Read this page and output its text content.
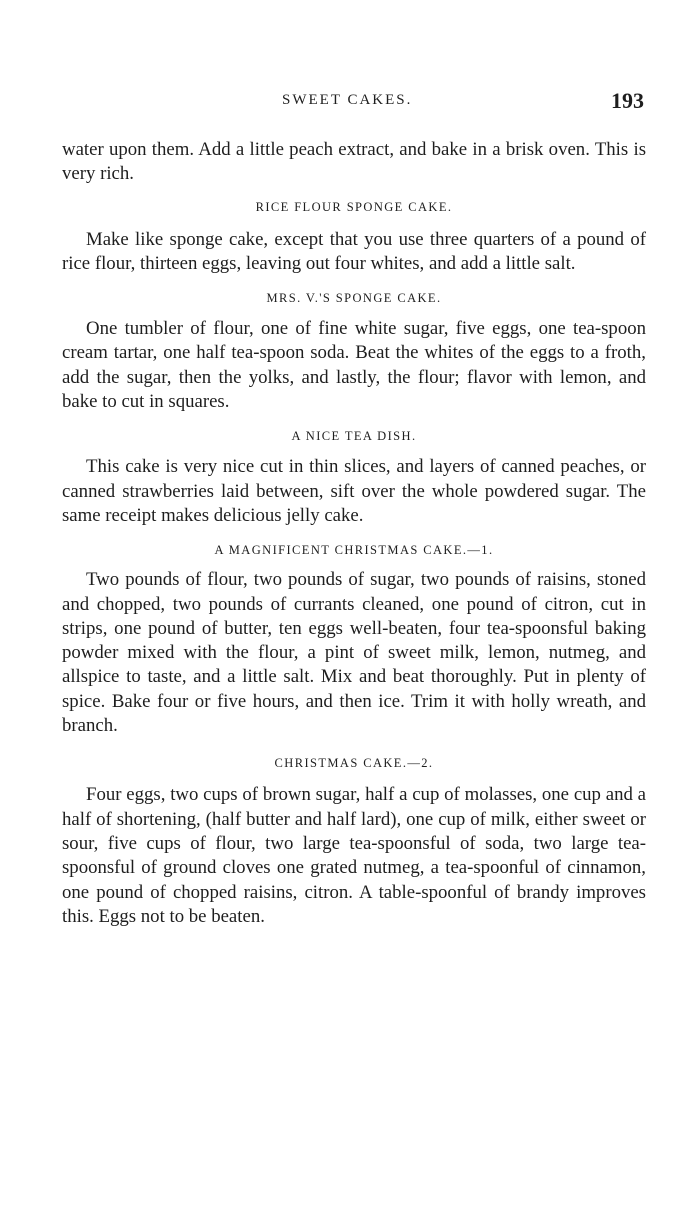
SWEET CAKES.	193

water upon them. Add a little peach extract, and bake in a brisk oven. This is very rich.

RICE FLOUR SPONGE CAKE.

Make like sponge cake, except that you use three quarters of a pound of rice flour, thirteen eggs, leaving out four whites, and add a little salt.

MRS. V.'S SPONGE CAKE.

One tumbler of flour, one of fine white sugar, five eggs, one tea-spoon cream tartar, one half tea-spoon soda. Beat the whites of the eggs to a froth, add the sugar, then the yolks, and lastly, the flour; flavor with lemon, and bake to cut in squares.

A NICE TEA DISH.

This cake is very nice cut in thin slices, and layers of canned peaches, or canned strawberries laid between, sift over the whole powdered sugar. The same receipt makes delicious jelly cake.

A MAGNIFICENT CHRISTMAS CAKE.—1.

Two pounds of flour, two pounds of sugar, two pounds of raisins, stoned and chopped, two pounds of currants cleaned, one pound of citron, cut in strips, one pound of butter, ten eggs well-beaten, four tea-spoonsful baking powder mixed with the flour, a pint of sweet milk, lemon, nutmeg, and allspice to taste, and a little salt. Mix and beat thoroughly. Put in plenty of spice. Bake four or five hours, and then ice. Trim it with holly wreath, and branch.

CHRISTMAS CAKE.—2.

Four eggs, two cups of brown sugar, half a cup of molasses, one cup and a half of shortening, (half butter and half lard), one cup of milk, either sweet or sour, five cups of flour, two large tea-spoonsful of soda, two large tea-spoonsful of ground cloves one grated nutmeg, a tea-spoonful of cinnamon, one pound of chopped raisins, citron. A table-spoonful of brandy improves this. Eggs not to be beaten.
